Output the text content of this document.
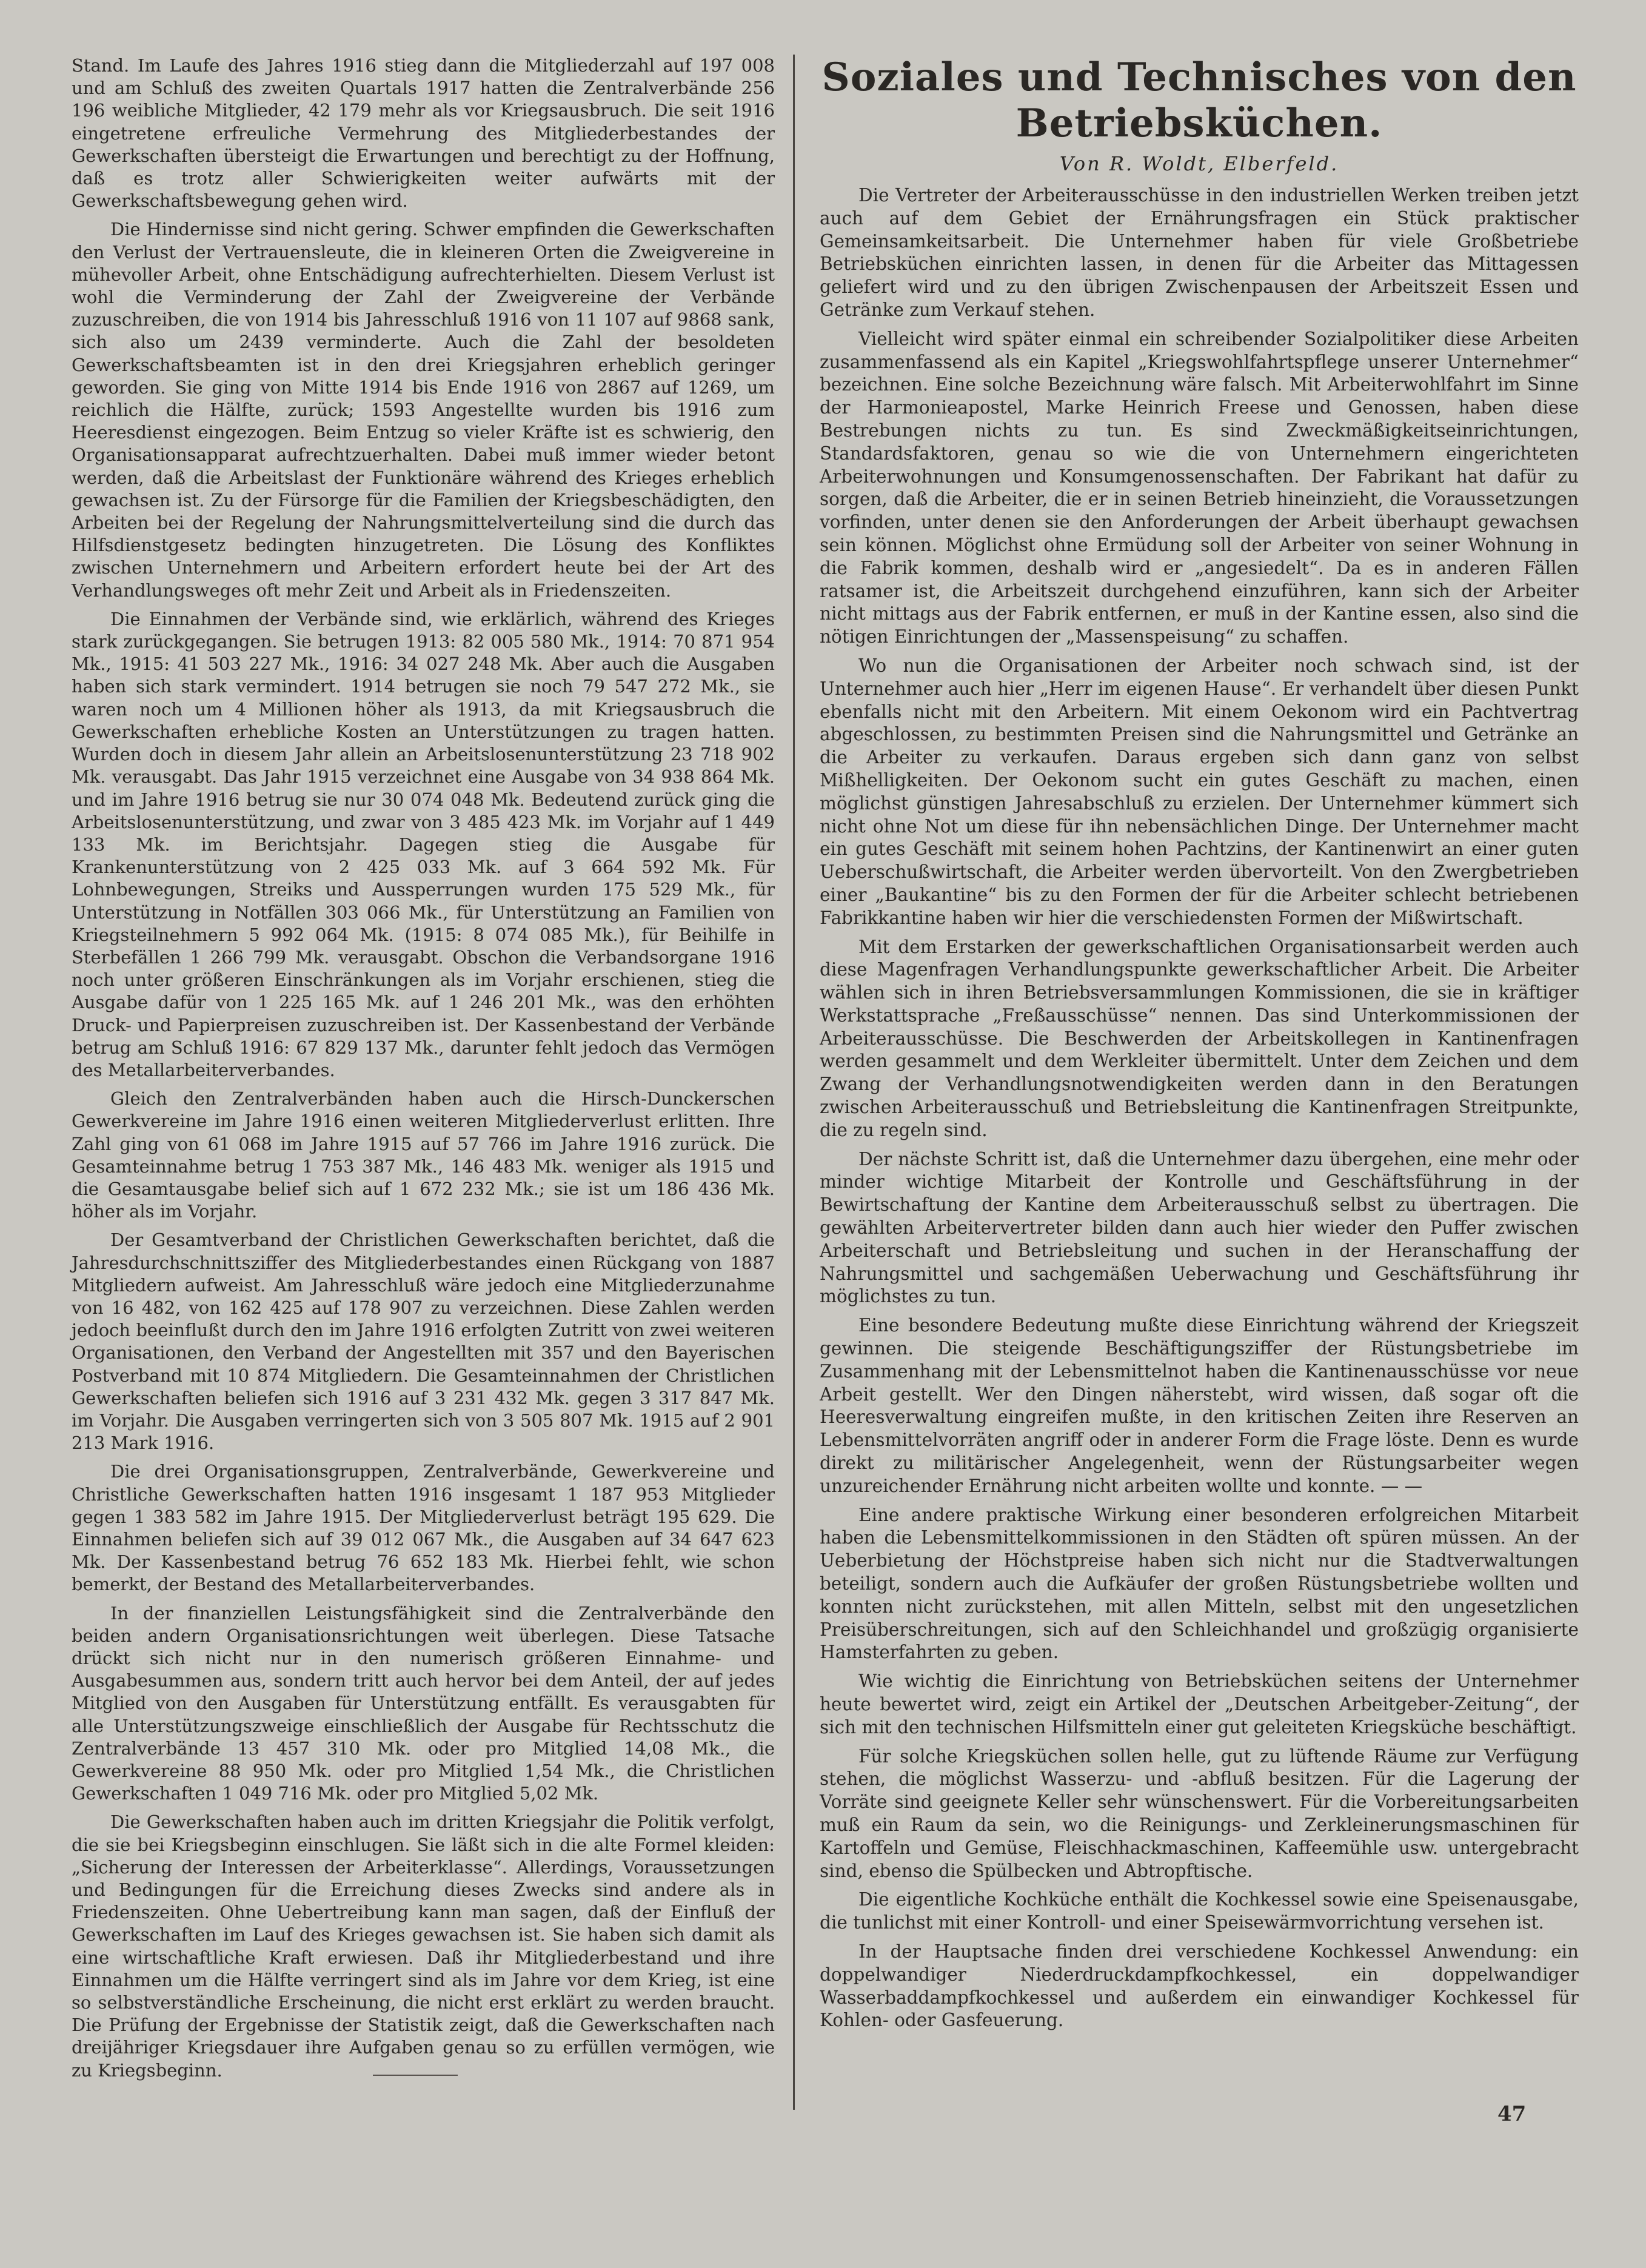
Stand. Im Laufe des Jahres 1916 stieg dann die Mitgliederzahl auf 197 008 und am Schluß des zweiten Quartals 1917 hatten die Zentralverbände 256 196 weibliche Mitglieder, 42 179 mehr als vor Kriegsausbruch. Die seit 1916 eingetretene erfreuliche Vermehrung des Mitgliederbestandes der Gewerkschaften übersteigt die Erwartungen und berechtigt zu der Hoffnung, daß es trotz aller Schwierigkeiten weiter aufwärts mit der Gewerkschaftsbewegung gehen wird.

Die Hindernisse sind nicht gering. Schwer empfinden die Gewerkschaften den Verlust der Vertrauensleute, die in kleineren Orten die Zweigvereine in mühevoller Arbeit, ohne Entschädigung aufrechterhielten. Diesem Verlust ist wohl die Verminderung der Zahl der Zweigvereine der Verbände zuzuschreiben, die von 1914 bis Jahresschluß 1916 von 11 107 auf 9868 sank, sich also um 2439 verminderte. Auch die Zahl der besoldeten Gewerkschaftsbeamten ist in den drei Kriegsjahren erheblich geringer geworden. Sie ging von Mitte 1914 bis Ende 1916 von 2867 auf 1269, um reichlich die Hälfte, zurück; 1593 Angestellte wurden bis 1916 zum Heeresdienst eingezogen. Beim Entzug so vieler Kräfte ist es schwierig, den Organisationsapparat aufrechtzuerhalten. Dabei muß immer wieder betont werden, daß die Arbeitslast der Funktionäre während des Krieges erheblich gewachsen ist. Zu der Fürsorge für die Familien der Kriegsbeschädigten, den Arbeiten bei der Regelung der Nahrungsmittelverteilung sind die durch das Hilfsdienstgesetz bedingten hinzugetreten. Die Lösung des Konfliktes zwischen Unternehmern und Arbeitern erfordert heute bei der Art des Verhandlungsweges oft mehr Zeit und Arbeit als in Friedenszeiten.

Die Einnahmen der Verbände sind, wie erklärlich, während des Krieges stark zurückgegangen. Sie betrugen 1913: 82 005 580 Mk., 1914: 70 871 954 Mk., 1915: 41 503 227 Mk., 1916: 34 027 248 Mk. Aber auch die Ausgaben haben sich stark vermindert. 1914 betrugen sie noch 79 547 272 Mk., sie waren noch um 4 Millionen höher als 1913, da mit Kriegsausbruch die Gewerkschaften erhebliche Kosten an Unterstützungen zu tragen hatten. Wurden doch in diesem Jahr allein an Arbeitslosenunterstützung 23 718 902 Mk. verausgabt. Das Jahr 1915 verzeichnet eine Ausgabe von 34 938 864 Mk. und im Jahre 1916 betrug sie nur 30 074 048 Mk. Bedeutend zurück ging die Arbeitslosenunterstützung, und zwar von 3 485 423 Mk. im Vorjahr auf 1 449 133 Mk. im Berichtsjahr. Dagegen stieg die Ausgabe für Krankenunterstützung von 2 425 033 Mk. auf 3 664 592 Mk. Für Lohnbewegungen, Streiks und Aussperrungen wurden 175 529 Mk., für Unterstützung in Notfällen 303 066 Mk., für Unterstützung an Familien von Kriegsteilnehmern 5 992 064 Mk. (1915: 8 074 085 Mk.), für Beihilfe in Sterbefällen 1 266 799 Mk. verausgabt. Obschon die Verbandsorgane 1916 noch unter größeren Einschränkungen als im Vorjahr erschienen, stieg die Ausgabe dafür von 1 225 165 Mk. auf 1 246 201 Mk., was den erhöhten Druck- und Papierpreisen zuzuschreiben ist. Der Kassenbestand der Verbände betrug am Schluß 1916: 67 829 137 Mk., darunter fehlt jedoch das Vermögen des Metallarbeiterverbandes.

Gleich den Zentralverbänden haben auch die Hirsch-Dunckerschen Gewerkvereine im Jahre 1916 einen weiteren Mitgliederverlust erlitten. Ihre Zahl ging von 61 068 im Jahre 1915 auf 57 766 im Jahre 1916 zurück. Die Gesamteinnahme betrug 1 753 387 Mk., 146 483 Mk. weniger als 1915 und die Gesamtausgabe belief sich auf 1 672 232 Mk.; sie ist um 186 436 Mk. höher als im Vorjahr.

Der Gesamtverband der Christlichen Gewerkschaften berichtet, daß die Jahresdurchschnittsziffer des Mitgliederbestandes einen Rückgang von 1887 Mitgliedern aufweist. Am Jahresschluß wäre jedoch eine Mitgliederzunahme von 16 482, von 162 425 auf 178 907 zu verzeichnen. Diese Zahlen werden jedoch beeinflußt durch den im Jahre 1916 erfolgten Zutritt von zwei weiteren Organisationen, den Verband der Angestellten mit 357 und den Bayerischen Postverband mit 10 874 Mitgliedern. Die Gesamteinnahmen der Christlichen Gewerkschaften beliefen sich 1916 auf 3 231 432 Mk. gegen 3 317 847 Mk. im Vorjahr. Die Ausgaben verringerten sich von 3 505 807 Mk. 1915 auf 2 901 213 Mark 1916.

Die drei Organisationsgruppen, Zentralverbände, Gewerkvereine und Christliche Gewerkschaften hatten 1916 insgesamt 1 187 953 Mitglieder gegen 1 383 582 im Jahre 1915. Der Mitgliederverlust beträgt 195 629. Die Einnahmen beliefen sich auf 39 012 067 Mk., die Ausgaben auf 34 647 623 Mk. Der Kassenbestand betrug 76 652 183 Mk. Hierbei fehlt, wie schon bemerkt, der Bestand des Metallarbeiterverbandes.

In der finanziellen Leistungsfähigkeit sind die Zentralverbände den beiden andern Organisationsrichtungen weit überlegen. Diese Tatsache drückt sich nicht nur in den numerisch größeren Einnahme- und Ausgabesummen aus, sondern tritt auch hervor bei dem Anteil, der auf jedes Mitglied von den Ausgaben für Unterstützung entfällt. Es verausgabten für alle Unterstützungszweige einschließlich der Ausgabe für Rechtsschutz die Zentralverbände 13 457 310 Mk. oder pro Mitglied 14,08 Mk., die Gewerkvereine 88 950 Mk. oder pro Mitglied 1,54 Mk., die Christlichen Gewerkschaften 1 049 716 Mk. oder pro Mitglied 5,02 Mk.

Die Gewerkschaften haben auch im dritten Kriegsjahr die Politik verfolgt, die sie bei Kriegsbeginn einschlugen. Sie läßt sich in die alte Formel kleiden: „Sicherung der Interessen der Arbeiterklasse“. Allerdings, Voraussetzungen und Bedingungen für die Erreichung dieses Zwecks sind andere als in Friedenszeiten. Ohne Uebertreibung kann man sagen, daß der Einfluß der Gewerkschaften im Lauf des Krieges gewachsen ist. Sie haben sich damit als eine wirtschaftliche Kraft erwiesen. Daß ihr Mitgliederbestand und ihre Einnahmen um die Hälfte verringert sind als im Jahre vor dem Krieg, ist eine so selbstverständliche Erscheinung, die nicht erst erklärt zu werden braucht. Die Prüfung der Ergebnisse der Statistik zeigt, daß die Gewerkschaften nach dreijähriger Kriegsdauer ihre Aufgaben genau so zu erfüllen vermögen, wie zu Kriegsbeginn.

Soziales und Technisches von den Betriebsküchen.
Von R. Woldt, Elberfeld.

Die Vertreter der Arbeiterausschüsse in den industriellen Werken treiben jetzt auch auf dem Gebiet der Ernährungsfragen ein Stück praktischer Gemeinsamkeitsarbeit. Die Unternehmer haben für viele Großbetriebe Betriebsküchen einrichten lassen, in denen für die Arbeiter das Mittagessen geliefert wird und zu den übrigen Zwischenpausen der Arbeitszeit Essen und Getränke zum Verkauf stehen.

Vielleicht wird später einmal ein schreibender Sozialpolitiker diese Arbeiten zusammenfassend als ein Kapitel „Kriegswohlfahrtspflege unserer Unternehmer“ bezeichnen. Eine solche Bezeichnung wäre falsch. Mit Arbeiterwohlfahrt im Sinne der Harmonieapostel, Marke Heinrich Freese und Genossen, haben diese Bestrebungen nichts zu tun. Es sind Zweckmäßigkeitseinrichtungen, Standardsfaktoren, genau so wie die von Unternehmern eingerichteten Arbeiterwohnungen und Konsumgenossenschaften. Der Fabrikant hat dafür zu sorgen, daß die Arbeiter, die er in seinen Betrieb hineinzieht, die Voraussetzungen vorfinden, unter denen sie den Anforderungen der Arbeit überhaupt gewachsen sein können. Möglichst ohne Ermüdung soll der Arbeiter von seiner Wohnung in die Fabrik kommen, deshalb wird er „angesiedelt“. Da es in anderen Fällen ratsamer ist, die Arbeitszeit durchgehend einzuführen, kann sich der Arbeiter nicht mittags aus der Fabrik entfernen, er muß in der Kantine essen, also sind die nötigen Einrichtungen der „Massenspeisung“ zu schaffen.

Wo nun die Organisationen der Arbeiter noch schwach sind, ist der Unternehmer auch hier „Herr im eigenen Hause“. Er verhandelt über diesen Punkt ebenfalls nicht mit den Arbeitern. Mit einem Oekonom wird ein Pachtvertrag abgeschlossen, zu bestimmten Preisen sind die Nahrungsmittel und Getränke an die Arbeiter zu verkaufen. Daraus ergeben sich dann ganz von selbst Mißhelligkeiten. Der Oekonom sucht ein gutes Geschäft zu machen, einen möglichst günstigen Jahresabschluß zu erzielen. Der Unternehmer kümmert sich nicht ohne Not um diese für ihn nebensächlichen Dinge. Der Unternehmer macht ein gutes Geschäft mit seinem hohen Pachtzins, der Kantinenwirt an einer guten Ueberschußwirtschaft, die Arbeiter werden übervorteilt. Von den Zwergbetrieben einer „Baukantine“ bis zu den Formen der für die Arbeiter schlecht betriebenen Fabrikkantine haben wir hier die verschiedensten Formen der Mißwirtschaft.

Mit dem Erstarken der gewerkschaftlichen Organisationsarbeit werden auch diese Magenfragen Verhandlungspunkte gewerkschaftlicher Arbeit. Die Arbeiter wählen sich in ihren Betriebsversammlungen Kommissionen, die sie in kräftiger Werkstattsprache „Freßausschüsse“ nennen. Das sind Unterkommissionen der Arbeiterausschüsse. Die Beschwerden der Arbeitskollegen in Kantinenfragen werden gesammelt und dem Werkleiter übermittelt. Unter dem Zeichen und dem Zwang der Verhandlungsnotwendigkeiten werden dann in den Beratungen zwischen Arbeiterausschuß und Betriebsleitung die Kantinenfragen Streitpunkte, die zu regeln sind.

Der nächste Schritt ist, daß die Unternehmer dazu übergehen, eine mehr oder minder wichtige Mitarbeit der Kontrolle und Geschäftsführung in der Bewirtschaftung der Kantine dem Arbeiterausschuß selbst zu übertragen. Die gewählten Arbeitervertreter bilden dann auch hier wieder den Puffer zwischen Arbeiterschaft und Betriebsleitung und suchen in der Heranschaffung der Nahrungsmittel und sachgemäßen Ueberwachung und Geschäftsführung ihr möglichstes zu tun.

Eine besondere Bedeutung mußte diese Einrichtung während der Kriegszeit gewinnen. Die steigende Beschäftigungsziffer der Rüstungsbetriebe im Zusammenhang mit der Lebensmittelnot haben die Kantinenausschüsse vor neue Arbeit gestellt. Wer den Dingen näherstebt, wird wissen, daß sogar oft die Heeresverwaltung eingreifen mußte, in den kritischen Zeiten ihre Reserven an Lebensmittelvorräten angriff oder in anderer Form die Frage löste. Denn es wurde direkt zu militärischer Angelegenheit, wenn der Rüstungsarbeiter wegen unzureichender Ernährung nicht arbeiten wollte und konnte. — —

Eine andere praktische Wirkung einer besonderen erfolgreichen Mitarbeit haben die Lebensmittelkommissionen in den Städten oft spüren müssen. An der Ueberbietung der Höchstpreise haben sich nicht nur die Stadtverwaltungen beteiligt, sondern auch die Aufkäufer der großen Rüstungsbetriebe wollten und konnten nicht zurückstehen, mit allen Mitteln, selbst mit den ungesetzlichen Preisüberschreitungen, sich auf den Schleichhandel und großzügig organisierte Hamsterfahrten zu geben.

Wie wichtig die Einrichtung von Betriebsküchen seitens der Unternehmer heute bewertet wird, zeigt ein Artikel der „Deutschen Arbeitgeber-Zeitung“, der sich mit den technischen Hilfsmitteln einer gut geleiteten Kriegsküche beschäftigt.

Für solche Kriegsküchen sollen helle, gut zu lüftende Räume zur Verfügung stehen, die möglichst Wasserzu- und -abfluß besitzen. Für die Lagerung der Vorräte sind geeignete Keller sehr wünschenswert. Für die Vorbereitungsarbeiten muß ein Raum da sein, wo die Reinigungs- und Zerkleinerungsmaschinen für Kartoffeln und Gemüse, Fleischhackmaschinen, Kaffeemühle usw. untergebracht sind, ebenso die Spülbecken und Abtropftische.

Die eigentliche Kochküche enthält die Kochkessel sowie eine Speisenausgabe, die tunlichst mit einer Kontroll- und einer Speisewärmvorrichtung versehen ist.

In der Hauptsache finden drei verschiedene Kochkessel Anwendung: ein doppelwandiger Niederdruckdampfkochkessel, ein doppelwandiger Wasserbaddampfkochkessel und außerdem ein einwandiger Kochkessel für Kohlen- oder Gasfeuerung.

47
